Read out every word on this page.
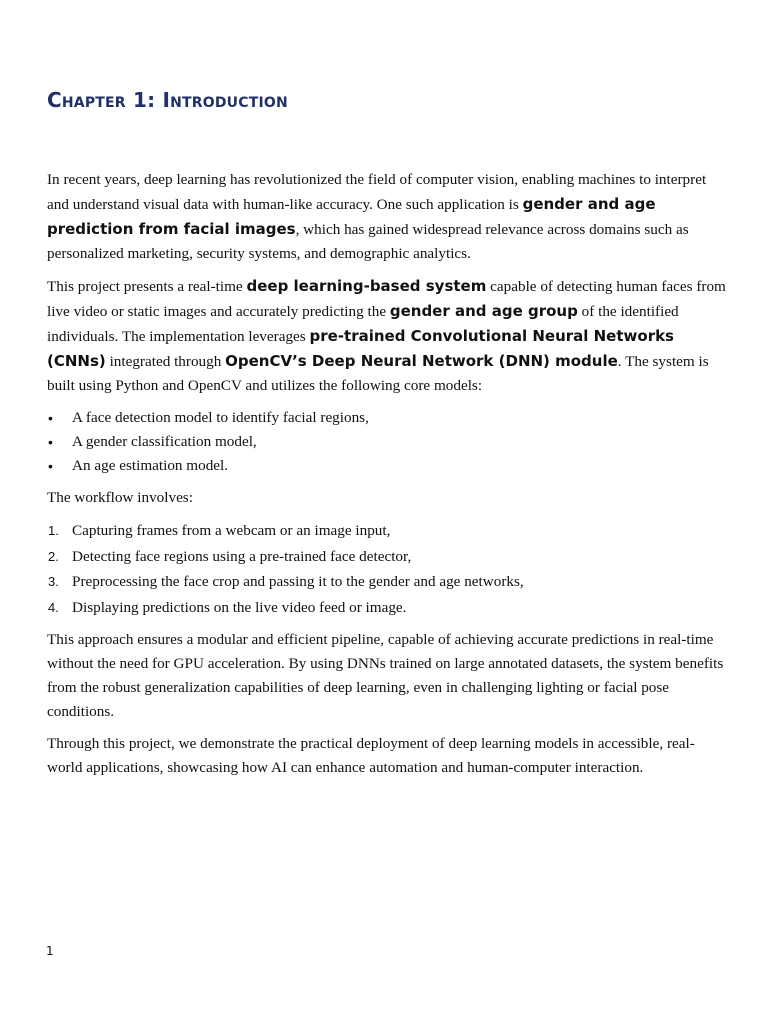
Chapter 1: Introduction

In recent years, deep learning has revolutionized the field of computer vision, enabling machines to interpret and understand visual data with human-like accuracy. One such application is gender and age prediction from facial images, which has gained widespread relevance across domains such as personalized marketing, security systems, and demographic analytics.

This project presents a real-time deep learning-based system capable of detecting human faces from live video or static images and accurately predicting the gender and age group of the identified individuals. The implementation leverages pre-trained Convolutional Neural Networks (CNNs) integrated through OpenCV’s Deep Neural Network (DNN) module. The system is built using Python and OpenCV and utilizes the following core models:

• A face detection model to identify facial regions,
• A gender classification model,
• An age estimation model.

The workflow involves:

1. Capturing frames from a webcam or an image input,
2. Detecting face regions using a pre-trained face detector,
3. Preprocessing the face crop and passing it to the gender and age networks,
4. Displaying predictions on the live video feed or image.

This approach ensures a modular and efficient pipeline, capable of achieving accurate predictions in real-time without the need for GPU acceleration. By using DNNs trained on large annotated datasets, the system benefits from the robust generalization capabilities of deep learning, even in challenging lighting or facial pose conditions.

Through this project, we demonstrate the practical deployment of deep learning models in accessible, real-world applications, showcasing how AI can enhance automation and human-computer interaction.

1
